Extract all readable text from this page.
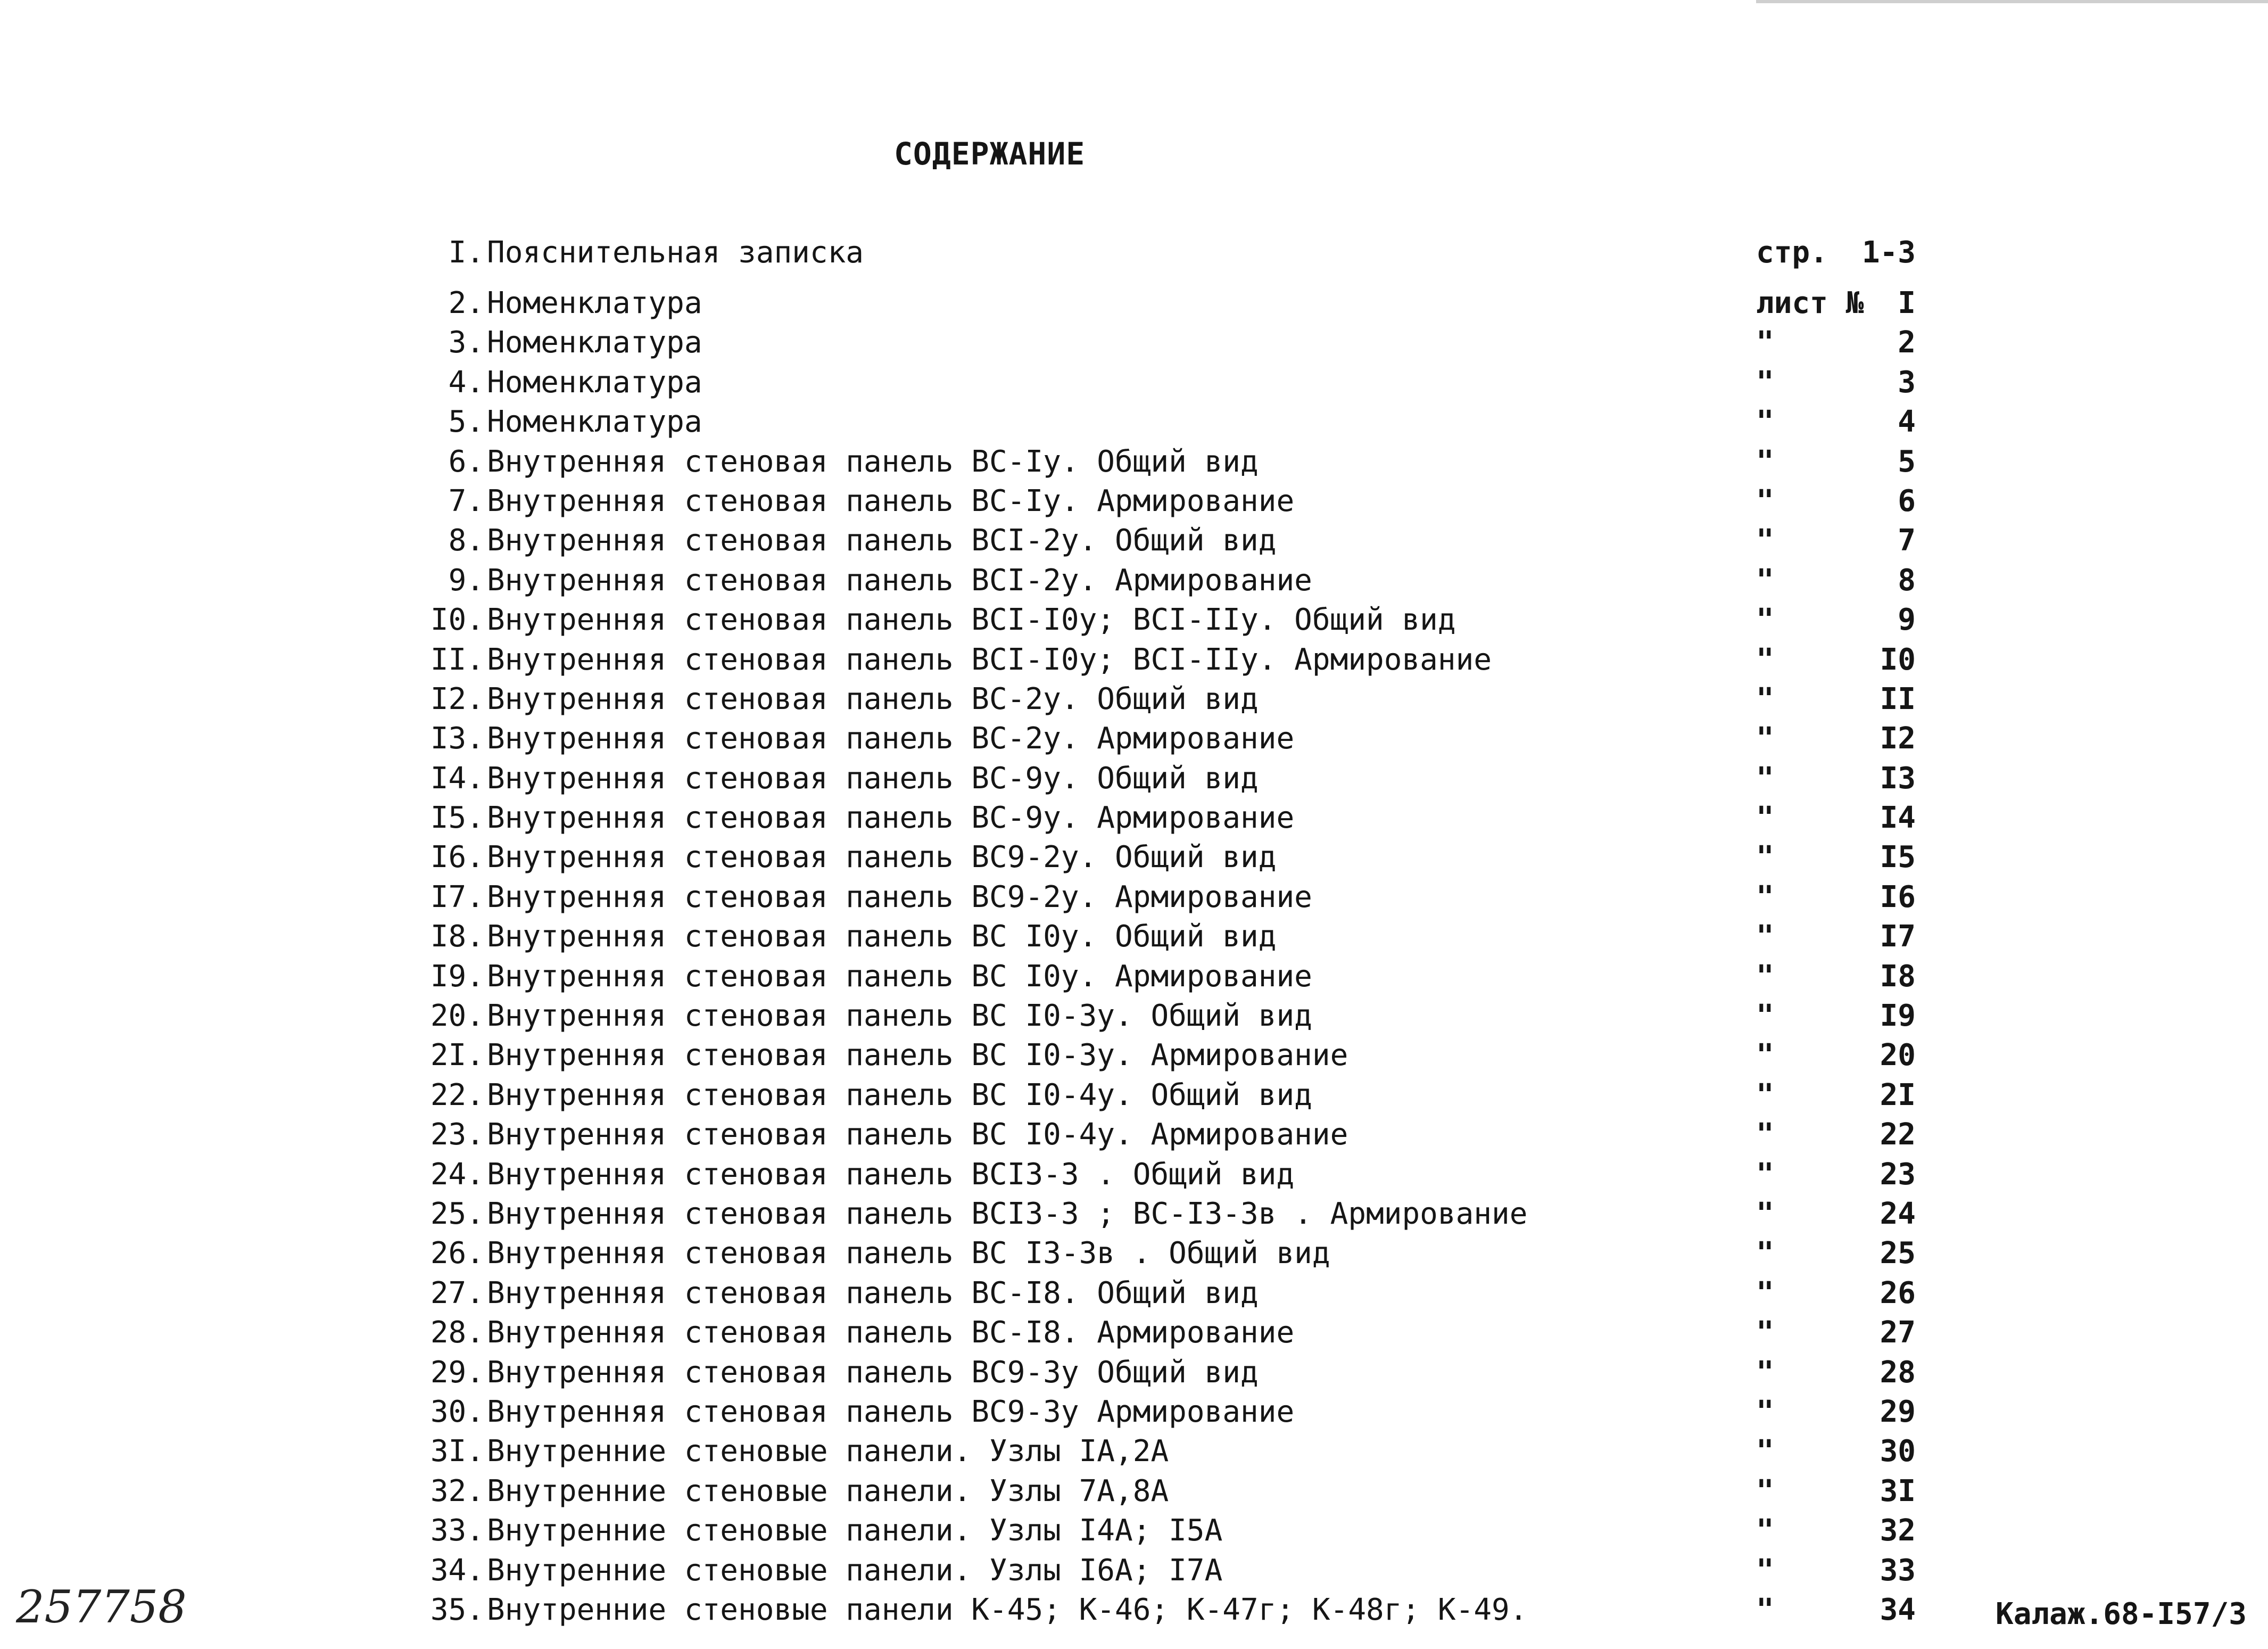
СОДЕРЖАНИЕ
I. Пояснительная записка	стр.	1-3
2. Номенклатура	лист №	I
3. Номенклатура	"	2
4. Номенклатура	"	3
5. Номенклатура	"	4
6. Внутренняя стеновая панель ВС-Iу. Общий вид	"	5
7. Внутренняя стеновая панель ВС-Iу. Армирование	"	6
8. Внутренняя стеновая панель ВСI-2у. Общий вид	"	7
9. Внутренняя стеновая панель ВСI-2у. Армирование	"	8
I0. Внутренняя стеновая панель ВСI-I0у; ВСI-IIу. Общий вид	"	9
II. Внутренняя стеновая панель ВСI-I0у; ВСI-IIу. Армирование	"	I0
I2. Внутренняя стеновая панель ВС-2у. Общий вид	"	II
I3. Внутренняя стеновая панель ВС-2у. Армирование	"	I2
I4. Внутренняя стеновая панель ВС-9у. Общий вид	"	I3
I5. Внутренняя стеновая панель ВС-9у. Армирование	"	I4
I6. Внутренняя стеновая панель ВС9-2у. Общий вид	"	I5
I7. Внутренняя стеновая панель ВС9-2у. Армирование	"	I6
I8. Внутренняя стеновая панель ВС I0у. Общий вид	"	I7
I9. Внутренняя стеновая панель ВС I0у. Армирование	"	I8
20. Внутренняя стеновая панель ВС I0-3у. Общий вид	"	I9
2I. Внутренняя стеновая панель ВС I0-3у. Армирование	"	20
22. Внутренняя стеновая панель ВС I0-4у. Общий вид	"	2I
23. Внутренняя стеновая панель ВС I0-4у. Армирование	"	22
24. Внутренняя стеновая панель ВСI3-3 . Общий вид	"	23
25. Внутренняя стеновая панель ВСI3-3 ; ВС-I3-3в . Армирование	"	24
26. Внутренняя стеновая панель ВС I3-3в . Общий вид	"	25
27. Внутренняя стеновая панель ВС-I8. Общий вид	"	26
28. Внутренняя стеновая панель ВС-I8. Армирование	"	27
29. Внутренняя стеновая панель ВС9-3у Общий вид	"	28
30. Внутренняя стеновая панель ВС9-3у Армирование	"	29
3I. Внутренние стеновые панели. Узлы IА,2А	"	30
32. Внутренние стеновые панели. Узлы 7А,8А	"	3I
33. Внутренние стеновые панели. Узлы I4А; I5А	"	32
34. Внутренние стеновые панели. Узлы I6А; I7А	"	33
35. Внутренние стеновые панели К-45; К-46; К-47г; К-48г; К-49.	"	34
257758	Калаж.68-I57/3
